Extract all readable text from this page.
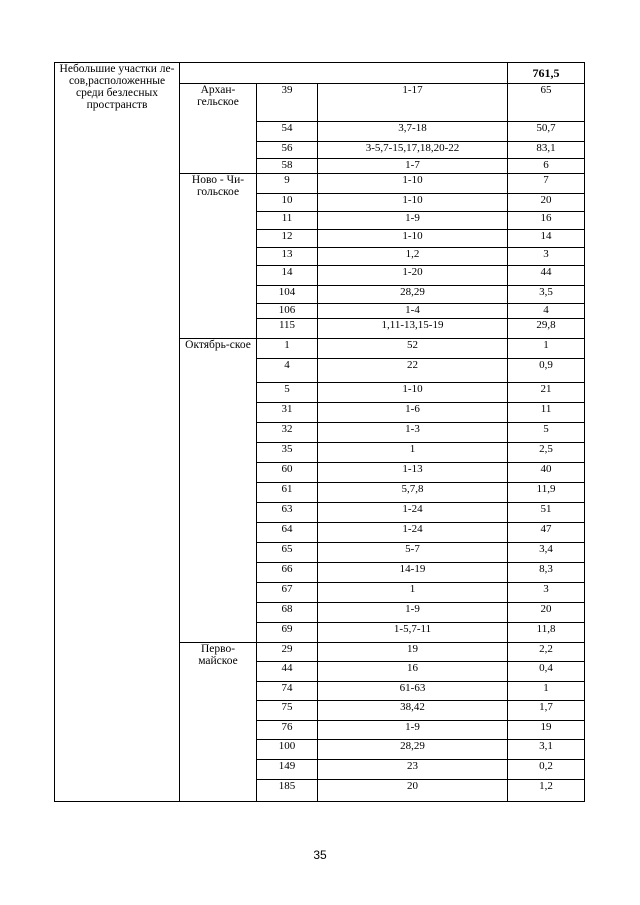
Небольшие участки ле-сов,расположенные среди безлесных пространств				761,5
	Архан-гельское	39	1-17	65
		54	3,7-18	50,7
		56	3-5,7-15,17,18,20-22	83,1
		58	1-7	6
	Ново - Чи-гольское	9	1-10	7
		10	1-10	20
		11	1-9	16
		12	1-10	14
		13	1,2	3
		14	1-20	44
		104	28,29	3,5
		106	1-4	4
		115	1,11-13,15-19	29,8
	Октябрь-ское	1	52	1
		4	22	0,9
		5	1-10	21
		31	1-6	11
		32	1-3	5
		35	1	2,5
		60	1-13	40
		61	5,7,8	11,9
		63	1-24	51
		64	1-24	47
		65	5-7	3,4
		66	14-19	8,3
		67	1	3
		68	1-9	20
		69	1-5,7-11	11,8
	Перво-майское	29	19	2,2
		44	16	0,4
		74	61-63	1
		75	38,42	1,7
		76	1-9	19
		100	28,29	3,1
		149	23	0,2
		185	20	1,2
35
